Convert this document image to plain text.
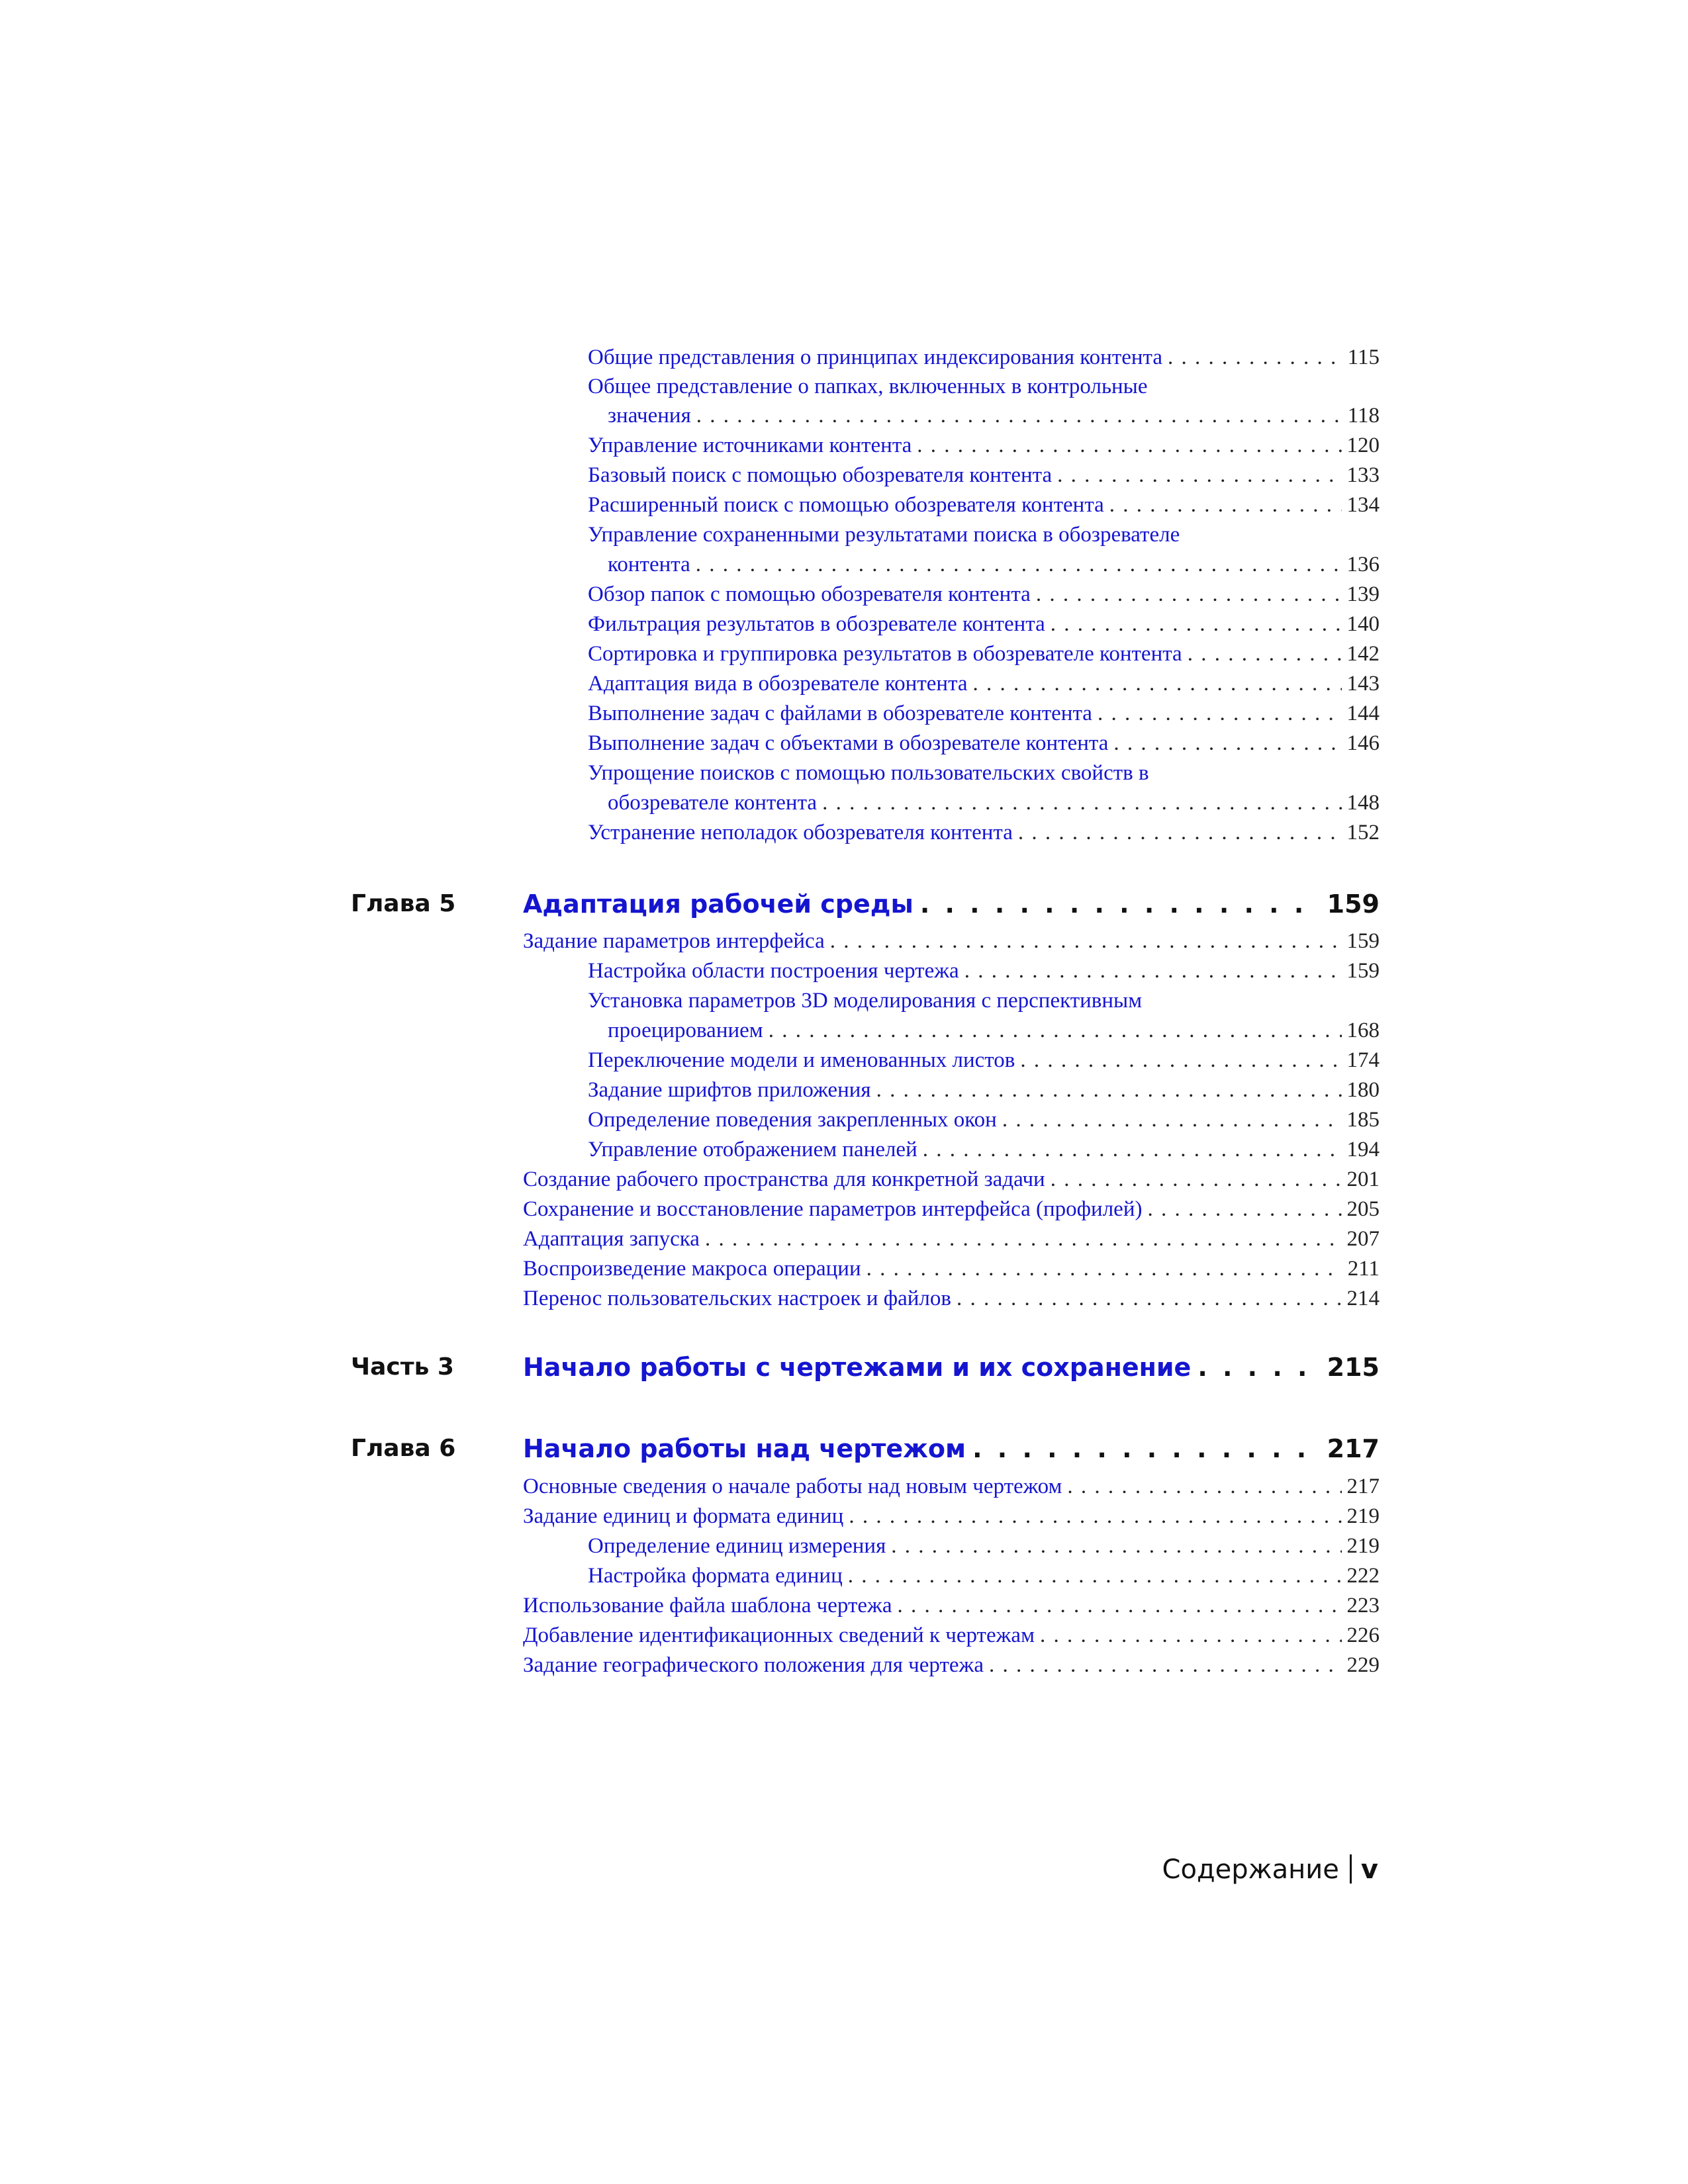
Общие представления о принципах индексирования контента . . .	115
Общее представление о папках, включенных в контрольные
значения . . .	118
Управление источниками контента . . .	120
Базовый поиск с помощью обозревателя контента . . .	133
Расширенный поиск с помощью обозревателя контента . . .	134
Управление сохраненными результатами поиска в обозревателе
контента . . .	136
Обзор папок с помощью обозревателя контента . . .	139
Фильтрация результатов в обозревателе контента . . .	140
Сортировка и группировка результатов в обозревателе контента . . .	142
Адаптация вида в обозревателе контента . . .	143
Выполнение задач с файлами в обозревателе контента . . .	144
Выполнение задач с объектами в обозревателе контента . . .	146
Упрощение поисков с помощью пользовательских свойств в
обозревателе контента . . .	148
Устранение неполадок обозревателя контента . . .	152
Глава 5	Адаптация рабочей среды . . .	159
Задание параметров интерфейса . . .	159
Настройка области построения чертежа . . .	159
Установка параметров 3D моделирования с перспективным
проецированием . . .	168
Переключение модели и именованных листов . . .	174
Задание шрифтов приложения . . .	180
Определение поведения закрепленных окон . . .	185
Управление отображением панелей . . .	194
Создание рабочего пространства для конкретной задачи . . .	201
Сохранение и восстановление параметров интерфейса (профилей) . . .	205
Адаптация запуска . . .	207
Воспроизведение макроса операции . . .	211
Перенос пользовательских настроек и файлов . . .	214
Часть 3	Начало работы с чертежами и их сохранение . . .	215
Глава 6	Начало работы над чертежом . . .	217
Основные сведения о начале работы над новым чертежом . . .	217
Задание единиц и формата единиц . . .	219
Определение единиц измерения . . .	219
Настройка формата единиц . . .	222
Использование файла шаблона чертежа . . .	223
Добавление идентификационных сведений к чертежам . . .	226
Задание географического положения для чертежа . . .	229
Содержание v
